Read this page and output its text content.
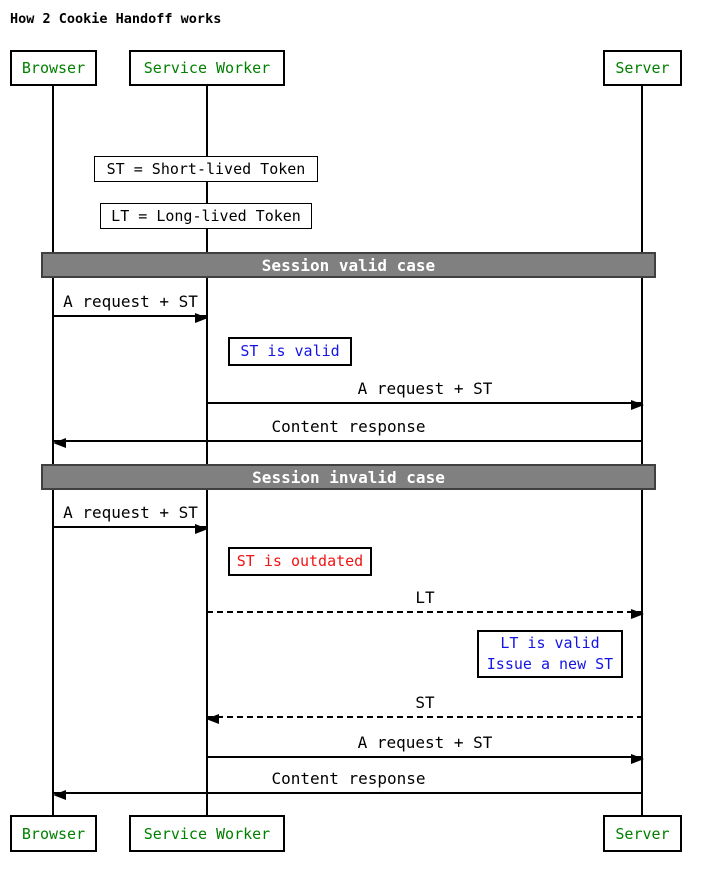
How 2 Cookie Handoff works
Browser	Service Worker	Server
ST = Short-lived Token
LT = Long-lived Token
Session valid case
A request + ST
ST is valid
A request + ST
Content response
Session invalid case
A request + ST
ST is outdated
LT
LT is valid
Issue a new ST
ST
A request + ST
Content response
Browser	Service Worker	Server
